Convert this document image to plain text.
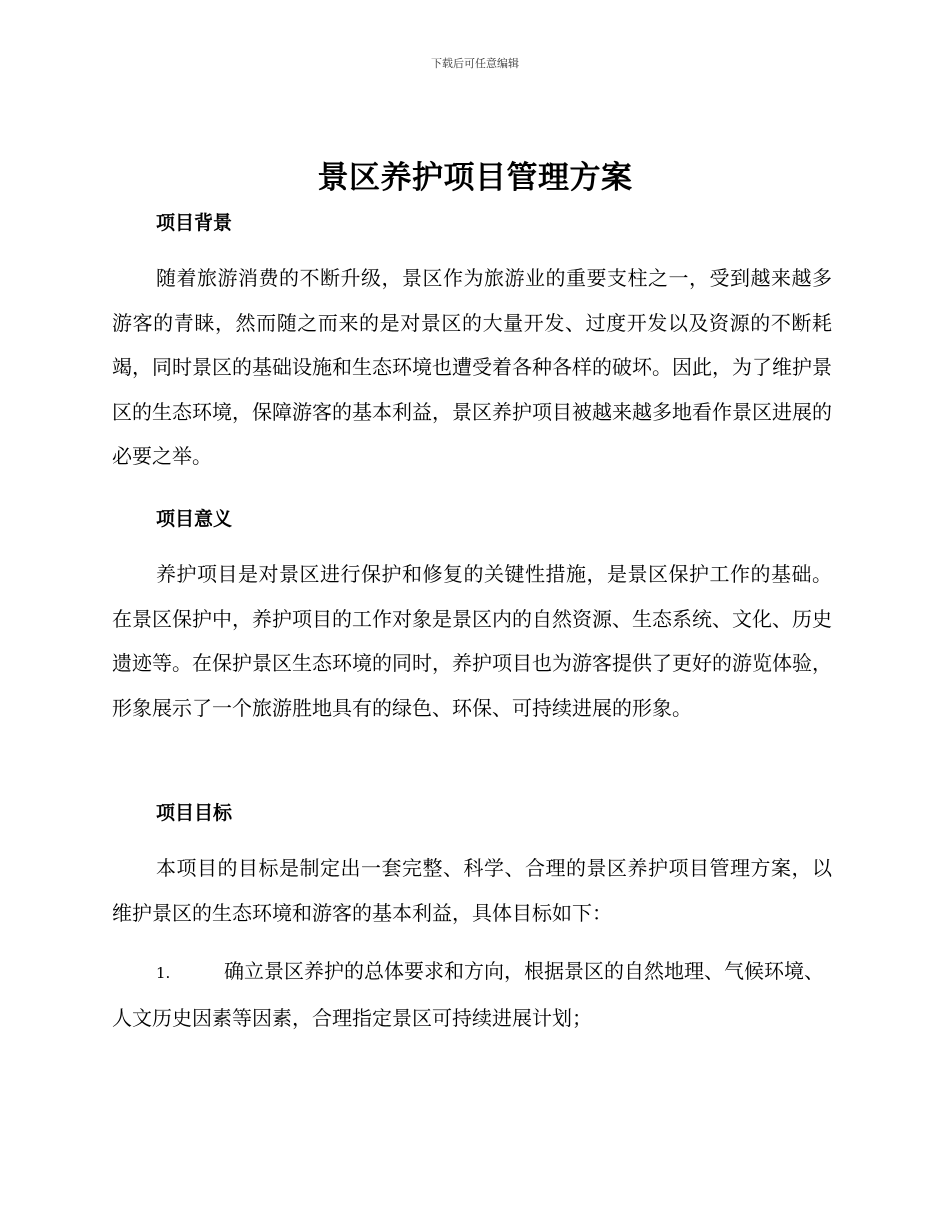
下载后可任意编辑
景区养护项目管理方案
项目背景
随着旅游消费的不断升级，景区作为旅游业的重要支柱之一，受到越来越多游客的青睐，然而随之而来的是对景区的大量开发、过度开发以及资源的不断耗竭，同时景区的基础设施和生态环境也遭受着各种各样的破坏。因此，为了维护景区的生态环境，保障游客的基本利益，景区养护项目被越来越多地看作景区进展的必要之举。
项目意义
养护项目是对景区进行保护和修复的关键性措施，是景区保护工作的基础。在景区保护中，养护项目的工作对象是景区内的自然资源、生态系统、文化、历史遗迹等。在保护景区生态环境的同时，养护项目也为游客提供了更好的游览体验，形象展示了一个旅游胜地具有的绿色、环保、可持续进展的形象。
项目目标
本项目的目标是制定出一套完整、科学、合理的景区养护项目管理方案，以维护景区的生态环境和游客的基本利益，具体目标如下：
1.	确立景区养护的总体要求和方向，根据景区的自然地理、气候环境、人文历史因素等因素，合理指定景区可持续进展计划；
